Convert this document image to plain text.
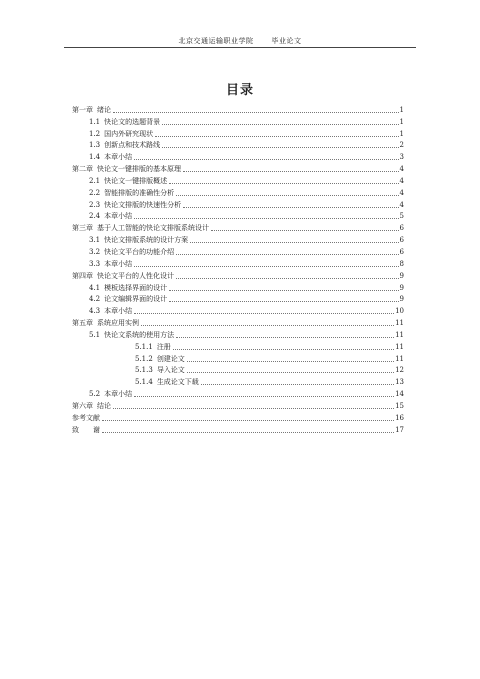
北京交通运输职业学院	毕业论文
目录
第一章 绪论	1
1.1 快论文的选题背景	1
1.2 国内外研究现状	1
1.3 创新点和技术路线	2
1.4 本章小结	3
第二章 快论文一键排版的基本原理	4
2.1 快论文一键排版概述	4
2.2 智能排版的准确性分析	4
2.3 快论文排版的快速性分析	4
2.4 本章小结	5
第三章 基于人工智能的快论文排版系统设计	6
3.1 快论文排版系统的设计方案	6
3.2 快论文平台的功能介绍	6
3.3 本章小结	8
第四章 快论文平台的人性化设计	9
4.1 模板选择界面的设计	9
4.2 论文编辑界面的设计	9
4.3 本章小结	10
第五章 系统应用实例	11
5.1 快论文系统的使用方法	11
5.1.1 注册	11
5.1.2 创建论文	11
5.1.3 导入论文	12
5.1.4 生成论文下载	13
5.2 本章小结	14
第六章 结论	15
参考文献	16
致　　谢	17
